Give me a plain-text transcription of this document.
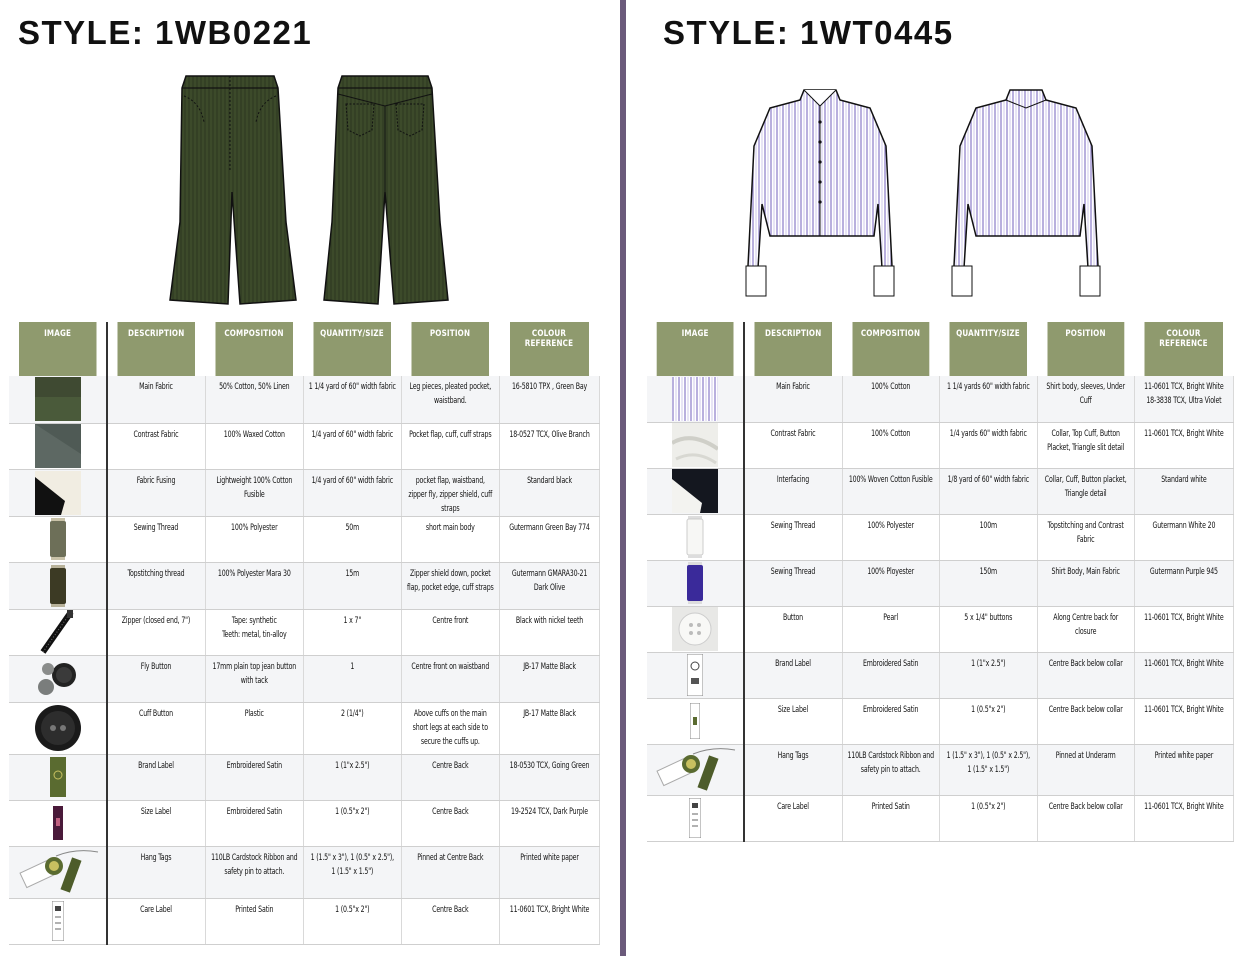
STYLE: 1WB0221
IMAGE	DESCRIPTION	COMPOSITION	QUANTITY/SIZE	POSITION	COLOUR REFERENCE

	Main Fabric	50% Cotton, 50% Linen	1 1/4 yard of 60" width fabric	Leg pieces, pleated pocket, waistband.	16-5810 TPX , Green Bay

	Contrast Fabric	100% Waxed Cotton	1/4 yard of 60" width fabric	Pocket flap, cuff, cuff straps	18-0527 TCX, Olive Branch

	Fabric Fusing	Lightweight 100% Cotton Fusible	1/4 yard of 60" width fabric	pocket flap, waistband, zipper fly, zipper shield, cuff straps	Standard black

	Sewing Thread	100% Polyester	50m	short main body	Gutermann Green Bay 774

	Topstitching thread	100% Polyester Mara 30	15m	Zipper shield down, pocket flap, pocket edge, cuff straps	Gutermann GMARA30-21 Dark Olive

	Zipper (closed end, 7")	Tape: synthetic
Teeth: metal, tin-alloy	1 x 7"	Centre front	Black with nickel teeth

	Fly Button	17mm plain top jean button with tack	1	Centre front on waistband	JB-17 Matte Black

	Cuff Button	Plastic	2 (1/4")	Above cuffs on the main short legs at each side to secure the cuffs up.	JB-17 Matte Black

	Brand Label	Embroidered Satin	1 (1"x 2.5")	Centre Back	18-0530 TCX, Going Green

	Size Label	Embroidered Satin	1 (0.5"x 2")	Centre Back	19-2524 TCX, Dark Purple

	Hang Tags	110LB Cardstock Ribbon and safety pin to attach.	1 (1.5" x 3"), 1 (0.5" x 2.5"), 1 (1.5" x 1.5")	Pinned at Centre Back	Printed white paper

	Care Label	Printed Satin	1 (0.5"x 2")	Centre Back	11-0601 TCX, Bright White
STYLE: 1WT0445
IMAGE	DESCRIPTION	COMPOSITION	QUANTITY/SIZE	POSITION	COLOUR REFERENCE

	Main Fabric	100% Cotton	1 1/4 yards 60" width fabric	Shirt body, sleeves, Under Cuff	11-0601 TCX, Bright White
18-3838 TCX, Ultra Violet

	Contrast Fabric	100% Cotton	1/4 yards 60" width fabric	Collar, Top Cuff, Button Placket, Triangle slit detail	11-0601 TCX, Bright White

	Interfacing	100% Woven Cotton Fusible	1/8 yard of 60" width fabric	Collar, Cuff, Button placket, Triangle detail	Standard white

	Sewing Thread	100% Polyester	100m	Topstitching and Contrast Fabric	Gutermann White 20

	Sewing Thread	100% Ployester	150m	Shirt Body, Main Fabric	Gutermann Purple 945

	Button	Pearl	5 x 1/4" buttons	Along Centre back for closure	11-0601 TCX, Bright White

	Brand Label	Embroidered Satin	1 (1"x 2.5")	Centre Back below collar	11-0601 TCX, Bright White

	Size Label	Embroidered Satin	1 (0.5"x 2")	Centre Back below collar	11-0601 TCX, Bright White

	Hang Tags	110LB Cardstock Ribbon and safety pin to attach.	1 (1.5" x 3"), 1 (0.5" x 2.5"), 1 (1.5" x 1.5")	Pinned at Underarm	Printed white paper

	Care Label	Printed Satin	1 (0.5"x 2")	Centre Back below collar	11-0601 TCX, Bright White
